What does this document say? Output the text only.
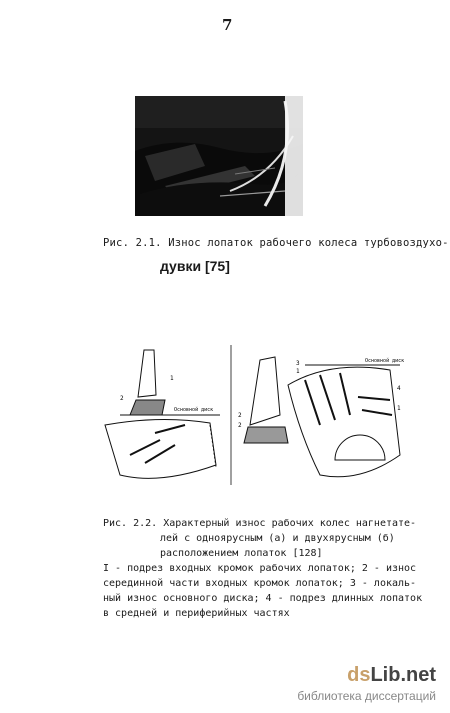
7
Рис. 2.1. Износ лопаток рабочего колеса турбовоздухо-
дувки [75]
2
1
Основной диск
Основной диск
3
1
2
4
1
2
Рис. 2.2. Характерный износ рабочих колес нагнетате-
лей с одноярусным (а) и двухярусным (б)
расположением лопаток [128]
I - подрез входных кромок рабочих лопаток; 2 - износ
серединной части входных кромок лопаток; 3 - локаль-
ный износ основного диска; 4 - подрез длинных лопаток
в средней и периферийных частях
dsLib.net
библиотека диссертаций
